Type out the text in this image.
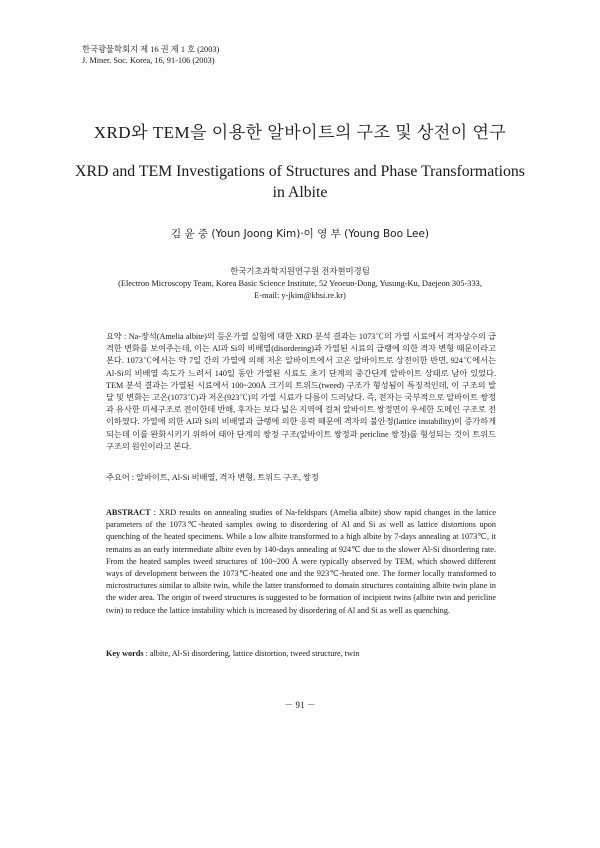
한국광물학회지 제 16 권 제 1 호 (2003)
J. Miner. Soc. Korea, 16, 91-106 (2003)
XRD와 TEM을 이용한 알바이트의 구조 및 상전이 연구
XRD and TEM Investigations of Structures and Phase Transformations
in Albite
김 윤 중 (Youn Joong Kim)·이 영 부 (Young Boo Lee)
한국기초과학지원연구원 전자현미경팀
(Electron Microscopy Team, Korea Basic Science Institute, 52 Yeoeun-Dong, Yusung-Ku, Daejeon 305-333,
E-mail: y-jkim@kbsi.re.kr)
요약 : Na-장석(Amelia albite)의 등온가열 실험에 대한 XRD 분석 결과는 1073℃의 가열 시료에서 격자상수의 급격한 변화를 보여주는데, 이는 Al과 Si의 비배열(disordering)과 가열된 시료의 급랭에 의한 격자 변형 때문이라고 본다. 1073℃에서는 약 7일 간의 가열에 의해 저온 알바이트에서 고온 알바이트로 상전이한 반면, 924℃에서는 Al-Si의 비배열 속도가 느려서 140일 동안 가열된 시료도 초기 단계의 중간단계 알바이트 상태로 남아 있었다. TEM 분석 결과는 가열된 시료에서 100~200Å 크기의 트위드(tweed) 구조가 형성됨이 특징적인데, 이 구조의 발달 및 변화는 고온(1073℃)과 저온(923℃)의 가열 시료가 다름이 드러났다. 즉, 전자는 국부적으로 알바이트 쌍정과 유사한 미세구조로 전이한데 반해, 후자는 보다 넓은 지역에 걸쳐 알바이트 쌍정면이 우세한 도메인 구조로 전이하였다. 가열에 의한 Al과 Si의 비배열과 급랭에 의한 응력 때문에 격자의 불안정(lattice instability)이 증가하게 되는데 이를 완화시키기 위하여 태아 단계의 쌍정 구조(알바이트 쌍정과 pericline 쌍정)를 형성되는 것이 트위드 구조의 원인이라고 본다.
주요어 : 알바이트, Al-Si 비배열, 격자 변형, 트위드 구조, 쌍정
ABSTRACT : XRD results on annealing studies of Na-feldspars (Amelia albite) show rapid changes in the lattice parameters of the 1073℃-heated samples owing to disordering of Al and Si as well as lattice distortions upon quenching of the heated specimens. While a low albite transformed to a high albite by 7-days annealing at 1073℃, it remains as an early intermediate albite even by 140-days annealing at 924℃ due to the slower Al-Si disordering rate. From the heated samples tweed structures of 100~200 Å were typically observed by TEM, which showed different ways of development between the 1073℃-heated one and the 923℃-heated one. The former locally transformed to microstructures similar to albite twin, while the latter transformed to domain structures containing albite twin plane in the wider area. The origin of tweed structures is suggested to be formation of incipient twins (albite twin and pericline twin) to reduce the lattice instability which is increased by disordering of Al and Si as well as quenching.
Key words : albite, Al-Si disordering, lattice distortion, tweed structure, twin
－ 91 －
